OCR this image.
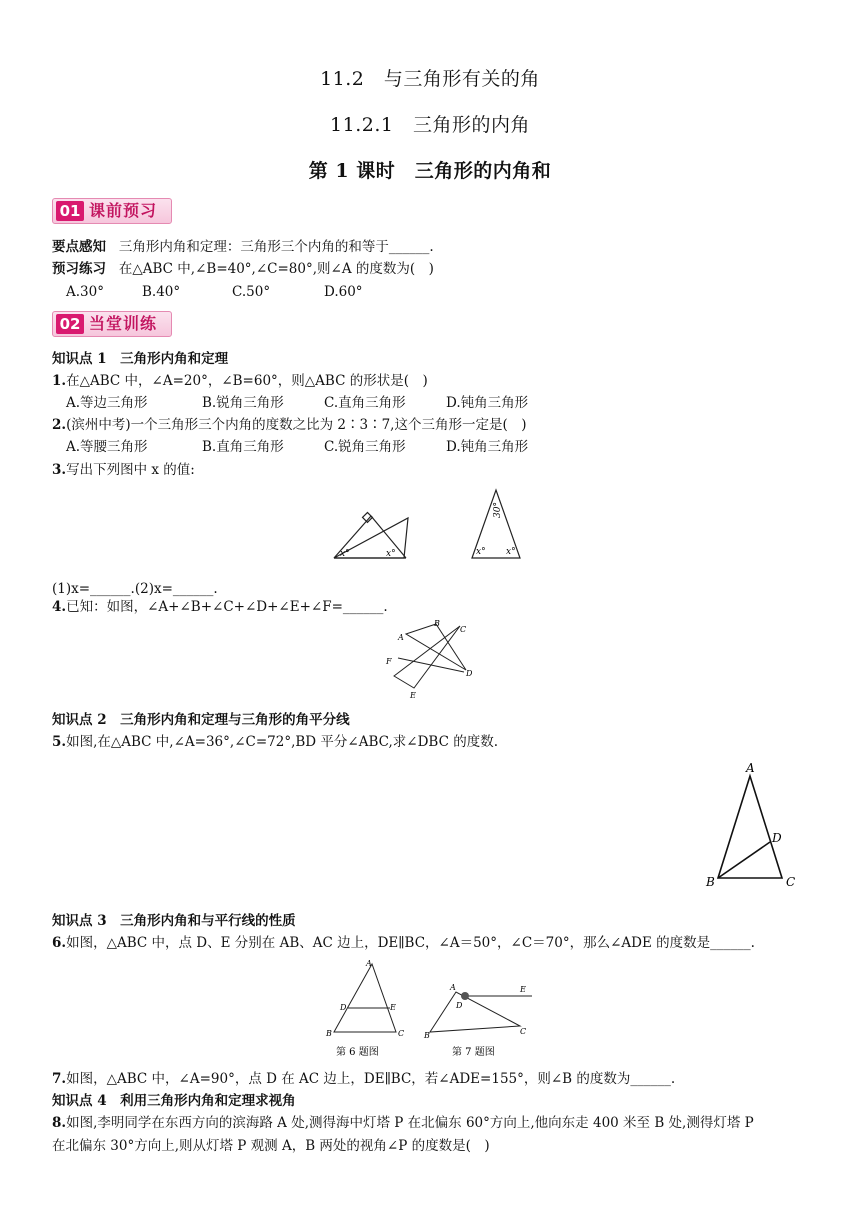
11.2　与三角形有关的角
11.2.1　三角形的内角
第 1 课时　三角形的内角和
01 课前预习
要点感知 三角形内角和定理：三角形三个内角的和等于______.
预习练习 在△ABC 中,∠B=40°,∠C=80°,则∠A 的度数为(　)
A.30°	B.40°	C.50°	D.60°
02 当堂训练
知识点 1　三角形内角和定理
1.在△ABC 中，∠A=20°，∠B=60°，则△ABC 的形状是(　)
A.等边三角形	B.锐角三角形	C.直角三角形	D.钝角三角形
2.(滨州中考)一个三角形三个内角的度数之比为 2∶3∶7,这个三角形一定是(　)
A.等腰三角形	B.直角三角形	C.锐角三角形	D.钝角三角形
3.写出下列图中 x 的值:
x°	x°
30°
x° x°
(1)x=______.(2)x=______.
4.已知：如图，∠A+∠B+∠C+∠D+∠E+∠F=______.
A
B
C
D
E
F
知识点 2　三角形内角和定理与三角形的角平分线
5.如图,在△ABC 中,∠A=36°,∠C=72°,BD 平分∠ABC,求∠DBC 的度数.
A
D
B	C
知识点 3　三角形内角和与平行线的性质
6.如图，△ABC 中，点 D、E 分别在 AB、AC 边上，DE∥BC，∠A＝50°，∠C＝70°，那么∠ADE 的度数是______.
A
D	E
B	C
第 6 题图
A
D
E
B	C
第 7 题图
7.如图，△ABC 中，∠A=90°，点 D 在 AC 边上，DE∥BC，若∠ADE=155°，则∠B 的度数为______.
知识点 4　利用三角形内角和定理求视角
8.如图,李明同学在东西方向的滨海路 A 处,测得海中灯塔 P 在北偏东 60°方向上,他向东走 400 米至 B 处,测得灯塔 P
在北偏东 30°方向上,则从灯塔 P 观测 A，B 两处的视角∠P 的度数是(　)
